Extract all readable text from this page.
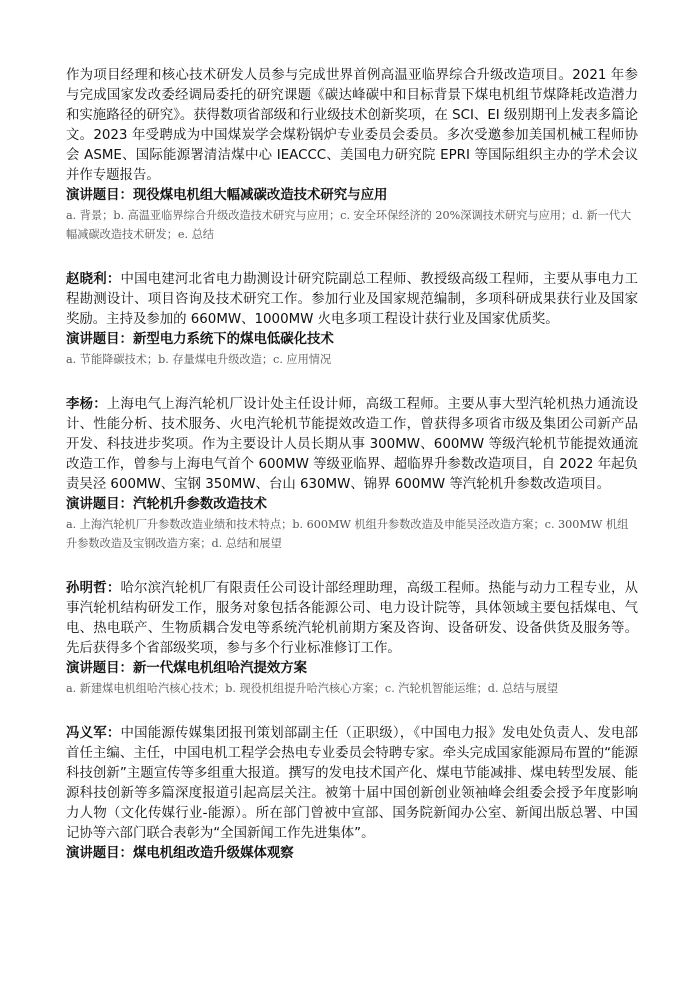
作为项目经理和核心技术研发人员参与完成世界首例高温亚临界综合升级改造项目。2021 年参与完成国家发改委经调局委托的研究课题《碳达峰碳中和目标背景下煤电机组节煤降耗改造潜力和实施路径的研究》。获得数项省部级和行业级技术创新奖项，在 SCI、EI 级别期刊上发表多篇论文。2023 年受聘成为中国煤炭学会煤粉锅炉专业委员会委员。多次受邀参加美国机械工程师协会 ASME、国际能源署清洁煤中心 IEACCC、美国电力研究院 EPRI 等国际组织主办的学术会议并作专题报告。

演讲题目：现役煤电机组大幅减碳改造技术研究与应用

a. 背景；b. 高温亚临界综合升级改造技术研究与应用；c. 安全环保经济的 20%深调技术研究与应用；d. 新一代大幅减碳改造技术研发；e. 总结

赵晓利：中国电建河北省电力勘测设计研究院副总工程师、教授级高级工程师，主要从事电力工程勘测设计、项目咨询及技术研究工作。参加行业及国家规范编制，多项科研成果获行业及国家奖励。主持及参加的 660MW、1000MW 火电多项工程设计获行业及国家优质奖。

演讲题目：新型电力系统下的煤电低碳化技术

a. 节能降碳技术；b. 存量煤电升级改造；c. 应用情况

李杨：上海电气上海汽轮机厂设计处主任设计师，高级工程师。主要从事大型汽轮机热力通流设计、性能分析、技术服务、火电汽轮机节能提效改造工作，曾获得多项省市级及集团公司新产品开发、科技进步奖项。作为主要设计人员长期从事 300MW、600MW 等级汽轮机节能提效通流改造工作，曾参与上海电气首个 600MW 等级亚临界、超临界升参数改造项目，自 2022 年起负责吴泾 600MW、宝钢 350MW、台山 630MW、锦界 600MW 等汽轮机升参数改造项目。

演讲题目：汽轮机升参数改造技术

a. 上海汽轮机厂升参数改造业绩和技术特点；b. 600MW 机组升参数改造及申能吴泾改造方案；c. 300MW 机组升参数改造及宝钢改造方案；d. 总结和展望

孙明哲：哈尔滨汽轮机厂有限责任公司设计部经理助理，高级工程师。热能与动力工程专业，从事汽轮机结构研发工作，服务对象包括各能源公司、电力设计院等，具体领域主要包括煤电、气电、热电联产、生物质耦合发电等系统汽轮机前期方案及咨询、设备研发、设备供货及服务等。先后获得多个省部级奖项，参与多个行业标准修订工作。

演讲题目：新一代煤电机组哈汽提效方案

a. 新建煤电机组哈汽核心技术；b. 现役机组提升哈汽核心方案；c. 汽轮机智能运维；d. 总结与展望

冯义军：中国能源传媒集团报刊策划部副主任（正职级），《中国电力报》发电处负责人、发电部首任主编、主任，中国电机工程学会热电专业委员会特聘专家。牵头完成国家能源局布置的“能源科技创新”主题宣传等多组重大报道。撰写的发电技术国产化、煤电节能减排、煤电转型发展、能源科技创新等多篇深度报道引起高层关注。被第十届中国创新创业领袖峰会组委会授予年度影响力人物（文化传媒行业-能源）。所在部门曾被中宣部、国务院新闻办公室、新闻出版总署、中国记协等六部门联合表彰为“全国新闻工作先进集体”。

演讲题目：煤电机组改造升级媒体观察
